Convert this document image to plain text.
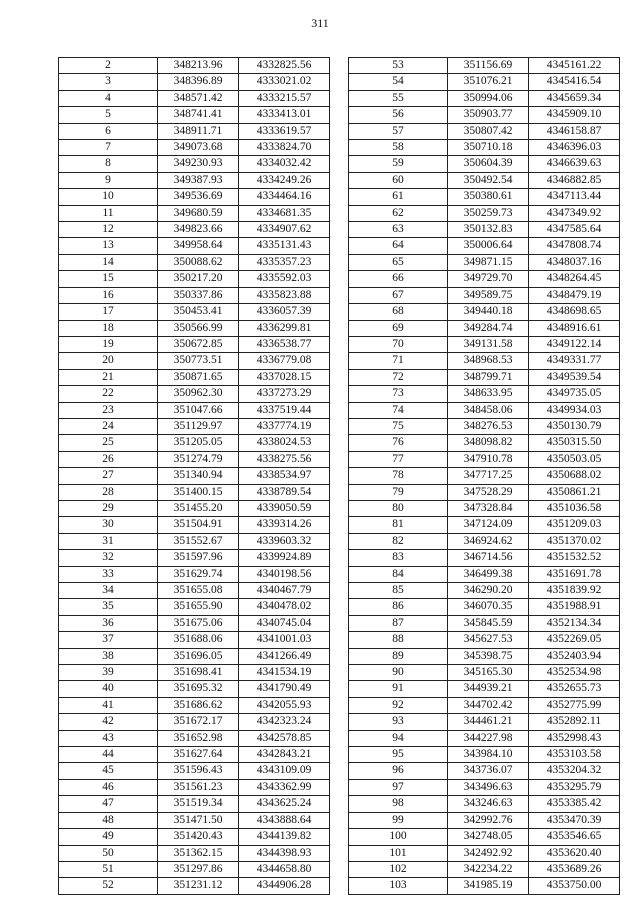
311
2	348213.96	4332825.56
3	348396.89	4333021.02
4	348571.42	4333215.57
5	348741.41	4333413.01
6	348911.71	4333619.57
7	349073.68	4333824.70
8	349230.93	4334032.42
9	349387.93	4334249.26
10	349536.69	4334464.16
11	349680.59	4334681.35
12	349823.66	4334907.62
13	349958.64	4335131.43
14	350088.62	4335357.23
15	350217.20	4335592.03
16	350337.86	4335823.88
17	350453.41	4336057.39
18	350566.99	4336299.81
19	350672.85	4336538.77
20	350773.51	4336779.08
21	350871.65	4337028.15
22	350962.30	4337273.29
23	351047.66	4337519.44
24	351129.97	4337774.19
25	351205.05	4338024.53
26	351274.79	4338275.56
27	351340.94	4338534.97
28	351400.15	4338789.54
29	351455.20	4339050.59
30	351504.91	4339314.26
31	351552.67	4339603.32
32	351597.96	4339924.89
33	351629.74	4340198.56
34	351655.08	4340467.79
35	351655.90	4340478.02
36	351675.06	4340745.04
37	351688.06	4341001.03
38	351696.05	4341266.49
39	351698.41	4341534.19
40	351695.32	4341790.49
41	351686.62	4342055.93
42	351672.17	4342323.24
43	351652.98	4342578.85
44	351627.64	4342843.21
45	351596.43	4343109.09
46	351561.23	4343362.99
47	351519.34	4343625.24
48	351471.50	4343888.64
49	351420.43	4344139.82
50	351362.15	4344398.93
51	351297.86	4344658.80
52	351231.12	4344906.28
53	351156.69	4345161.22
54	351076.21	4345416.54
55	350994.06	4345659.34
56	350903.77	4345909.10
57	350807.42	4346158.87
58	350710.18	4346396.03
59	350604.39	4346639.63
60	350492.54	4346882.85
61	350380.61	4347113.44
62	350259.73	4347349.92
63	350132.83	4347585.64
64	350006.64	4347808.74
65	349871.15	4348037.16
66	349729.70	4348264.45
67	349589.75	4348479.19
68	349440.18	4348698.65
69	349284.74	4348916.61
70	349131.58	4349122.14
71	348968.53	4349331.77
72	348799.71	4349539.54
73	348633.95	4349735.05
74	348458.06	4349934.03
75	348276.53	4350130.79
76	348098.82	4350315.50
77	347910.78	4350503.05
78	347717.25	4350688.02
79	347528.29	4350861.21
80	347328.84	4351036.58
81	347124.09	4351209.03
82	346924.62	4351370.02
83	346714.56	4351532.52
84	346499.38	4351691.78
85	346290.20	4351839.92
86	346070.35	4351988.91
87	345845.59	4352134.34
88	345627.53	4352269.05
89	345398.75	4352403.94
90	345165.30	4352534.98
91	344939.21	4352655.73
92	344702.42	4352775.99
93	344461.21	4352892.11
94	344227.98	4352998.43
95	343984.10	4353103.58
96	343736.07	4353204.32
97	343496.63	4353295.79
98	343246.63	4353385.42
99	342992.76	4353470.39
100	342748.05	4353546.65
101	342492.92	4353620.40
102	342234.22	4353689.26
103	341985.19	4353750.00
